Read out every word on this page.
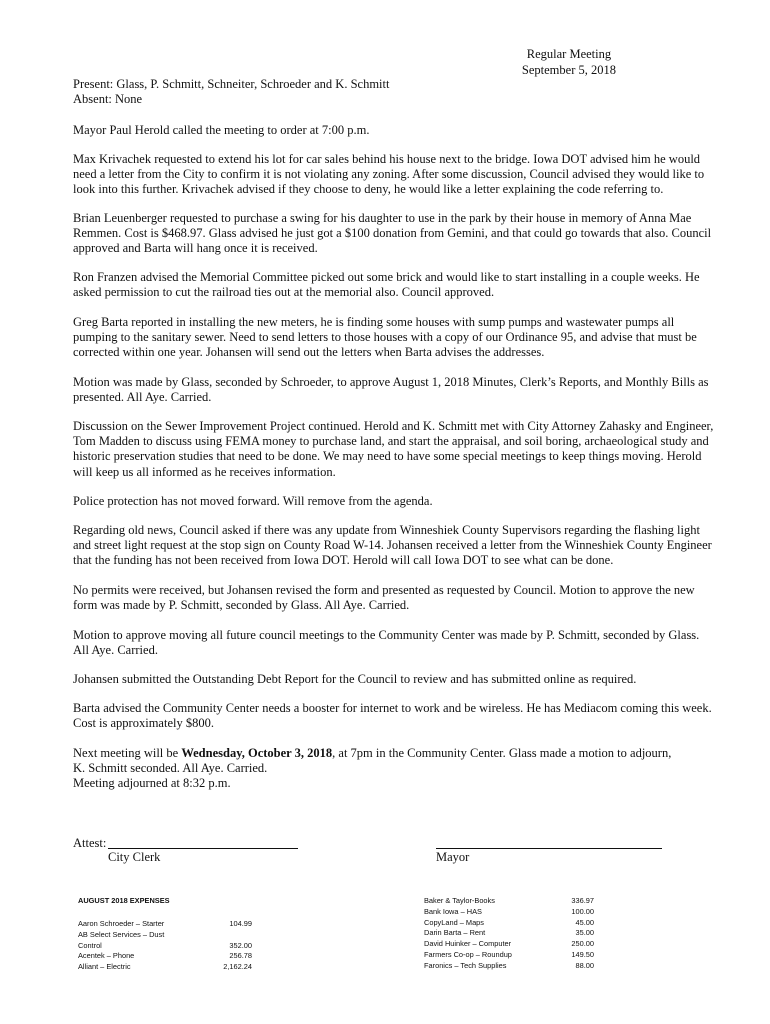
Regular Meeting
September 5, 2018
Present: Glass, P. Schmitt, Schneiter, Schroeder and K. Schmitt
Absent: None
Mayor Paul Herold called the meeting to order at 7:00 p.m.
Max Krivachek requested to extend his lot for car sales behind his house next to the bridge. Iowa DOT advised him he would need a letter from the City to confirm it is not violating any zoning. After some discussion, Council advised they would like to look into this further. Krivachek advised if they choose to deny, he would like a letter explaining the code referring to.
Brian Leuenberger requested to purchase a swing for his daughter to use in the park by their house in memory of Anna Mae Remmen. Cost is $468.97. Glass advised he just got a $100 donation from Gemini, and that could go towards that also. Council approved and Barta will hang once it is received.
Ron Franzen advised the Memorial Committee picked out some brick and would like to start installing in a couple weeks. He asked permission to cut the railroad ties out at the memorial also. Council approved.
Greg Barta reported in installing the new meters, he is finding some houses with sump pumps and wastewater pumps all pumping to the sanitary sewer. Need to send letters to those houses with a copy of our Ordinance 95, and advise that must be corrected within one year. Johansen will send out the letters when Barta advises the addresses.
Motion was made by Glass, seconded by Schroeder, to approve August 1, 2018 Minutes, Clerk’s Reports, and Monthly Bills as presented. All Aye. Carried.
Discussion on the Sewer Improvement Project continued. Herold and K. Schmitt met with City Attorney Zahasky and Engineer, Tom Madden to discuss using FEMA money to purchase land, and start the appraisal, and soil boring, archaeological study and historic preservation studies that need to be done. We may need to have some special meetings to keep things moving. Herold will keep us all informed as he receives information.
Police protection has not moved forward. Will remove from the agenda.
Regarding old news, Council asked if there was any update from Winneshiek County Supervisors regarding the flashing light and street light request at the stop sign on County Road W-14. Johansen received a letter from the Winneshiek County Engineer that the funding has not been received from Iowa DOT. Herold will call Iowa DOT to see what can be done.
No permits were received, but Johansen revised the form and presented as requested by Council. Motion to approve the new form was made by P. Schmitt, seconded by Glass. All Aye. Carried.
Motion to approve moving all future council meetings to the Community Center was made by P. Schmitt, seconded by Glass. All Aye. Carried.
Johansen submitted the Outstanding Debt Report for the Council to review and has submitted online as required.
Barta advised the Community Center needs a booster for internet to work and be wireless. He has Mediacom coming this week. Cost is approximately $800.
Next meeting will be Wednesday, October 3, 2018, at 7pm in the Community Center. Glass made a motion to adjourn,
K. Schmitt seconded. All Aye. Carried.
Meeting adjourned at 8:32 p.m.
Attest:
City Clerk	Mayor
AUGUST 2018 EXPENSES
Aaron Schroeder – Starter	104.99
AB Select Services – Dust
Control	352.00
Acentek – Phone	256.78
Alliant – Electric	2,162.24
Baker & Taylor-Books	336.97
Bank Iowa – HAS	100.00
CopyLand – Maps	45.00
Darin Barta – Rent	35.00
David Huinker – Computer	250.00
Farmers Co-op – Roundup	149.50
Faronics – Tech Supplies	88.00
